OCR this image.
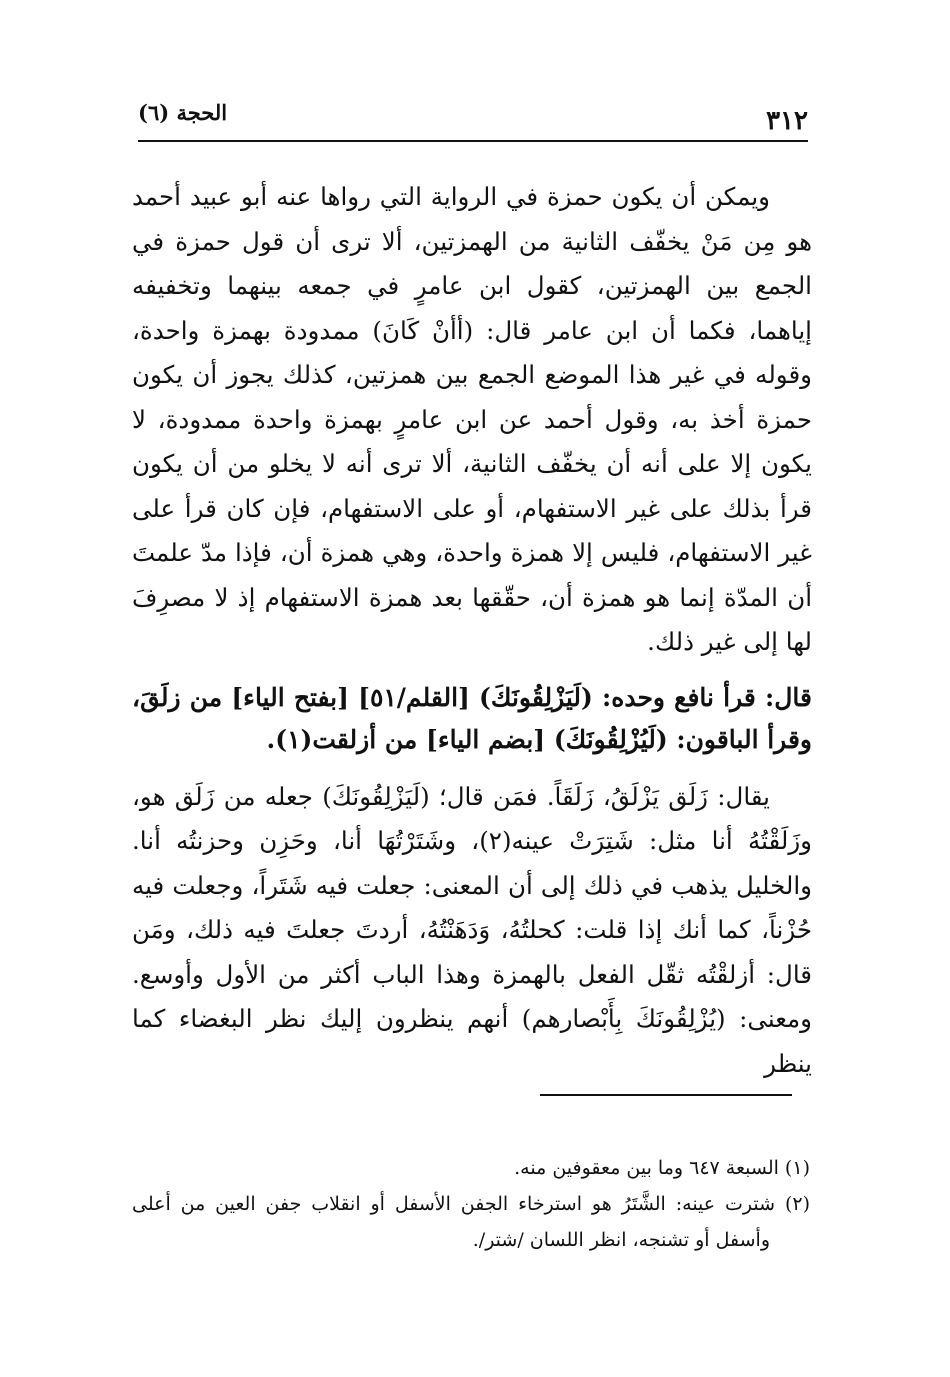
٣١٢
الحجة (٦)

ويمكن أن يكون حمزة في الرواية التي رواها عنه أبو عبيد أحمد هو مِن مَنْ يخفّف الثانية من الهمزتين، ألا ترى أن قول حمزة في الجمع بين الهمزتين، كقول ابن عامرٍ في جمعه بينهما وتخفيفه إياهما، فكما أن ابن عامر قال: (أأنْ كَانَ) ممدودة بهمزة واحدة، وقوله في غير هذا الموضع الجمع بين همزتين، كذلك يجوز أن يكون حمزة أخذ به، وقول أحمد عن ابن عامرٍ بهمزة واحدة ممدودة، لا يكون إلا على أنه أن يخفّف الثانية، ألا ترى أنه لا يخلو من أن يكون قرأ بذلك على غير الاستفهام، أو على الاستفهام، فإن كان قرأ على غير الاستفهام، فليس إلا همزة واحدة، وهي همزة أن، فإذا مدّ علمتَ أن المدّة إنما هو همزة أن، حقّقها بعد همزة الاستفهام إذ لا مصرِفَ لها إلى غير ذلك.

قال: قرأ نافع وحده: (لَيَزْلِقُونَكَ) [القلم/٥١] [بفتح الياء] من زلَقَ، وقرأ الباقون: (لَيُزْلِقُونَكَ) [بضم الياء] من أزلقت(١).

يقال: زَلَق يَزْلَقُ، زَلَقَاً. فمَن قال؛ (لَيَزْلِقُونَكَ) جعله من زَلَق هو، وزَلَقْتُهُ أنا مثل: شَتِرَتْ عينه(٢)، وشَتَرْتُهَا أنا، وحَزِن وحزنتُه أنا. والخليل يذهب في ذلك إلى أن المعنى: جعلت فيه شَتَراً، وجعلت فيه حُزْناً، كما أنك إذا قلت: كحلتُهُ، وَدَهَنْتُهُ، أردتَ جعلتَ فيه ذلك، ومَن قال: أزلقْتُه ثقّل الفعل بالهمزة وهذا الباب أكثر من الأول وأوسع. ومعنى: (يُزْلِقُونَكَ بِأَبْصارهم) أنهم ينظرون إليك نظر البغضاء كما ينظر

(١) السبعة ٦٤٧ وما بين معقوفين منه.

(٢) شترت عينه: الشَّتَرُ هو استرخاء الجفن الأسفل أو انقلاب جفن العين من أعلى وأسفل أو تشنجه، انظر اللسان /شتر/.
